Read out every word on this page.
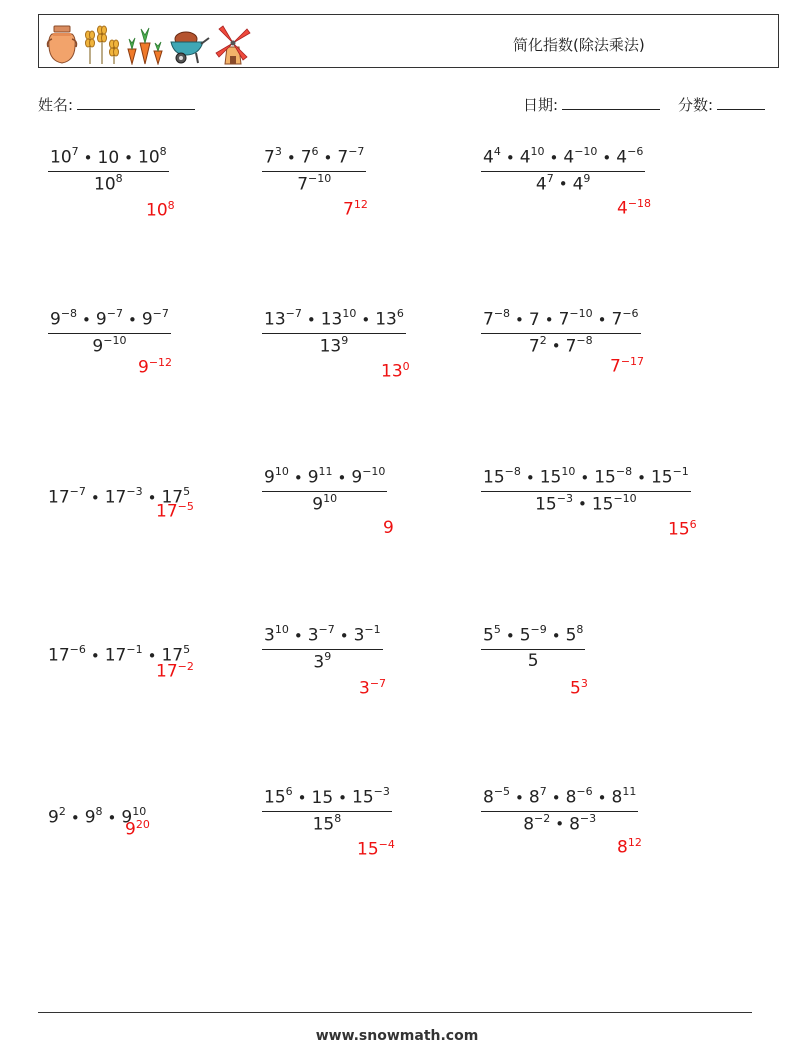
简化指数(除法乘法)
姓名:	日期:	分数:
$\frac{10^7 • 10 • 10^8}{10^8}$
$10^8$
$\frac{7^3 • 7^6 • 7^{-7}}{7^{-10}}$
$7^{12}$
$\frac{4^4 • 4^{10} • 4^{-10} • 4^{-6}}{4^7 • 4^9}$
$4^{-18}$
$\frac{9^{-8} • 9^{-7} • 9^{-7}}{9^{-10}}$
$9^{-12}$
$\frac{13^{-7} • 13^{10} • 13^6}{13^9}$
$13^0$
$\frac{7^{-8} • 7 • 7^{-10} • 7^{-6}}{7^2 • 7^{-8}}$
$7^{-17}$
$17^{-7}$ • $17^{-3}$ • $17^5$
$17^{-5}$	$\frac{9^{10} • 9^{11} • 9^{-10}}{9^{10}}$
9
$\frac{15^{-8} • 15^{10} • 15^{-8} • 15^{-1}}{15^{-3} • 15^{-10}}$
$15^6$
$17^{-6}$ • $17^{-1}$ • $17^5$
$17^{-2}$	$\frac{3^{10} • 3^{-7} • 3^{-1}}{3^9}$
$3^{-7}$
$\frac{5^5 • 5^{-9} • 5^8}{5}$
$5^3$
$9^2$ • $9^8$ • $9^{10}$
$9^{20}$	$\frac{15^6 • 15 • 15^{-3}}{15^8}$
$15^{-4}$
$\frac{8^{-5} • 8^7 • 8^{-6} • 8^{11}}{8^{-2} • 8^{-3}}$
$8^{12}$
www.snowmath.com
